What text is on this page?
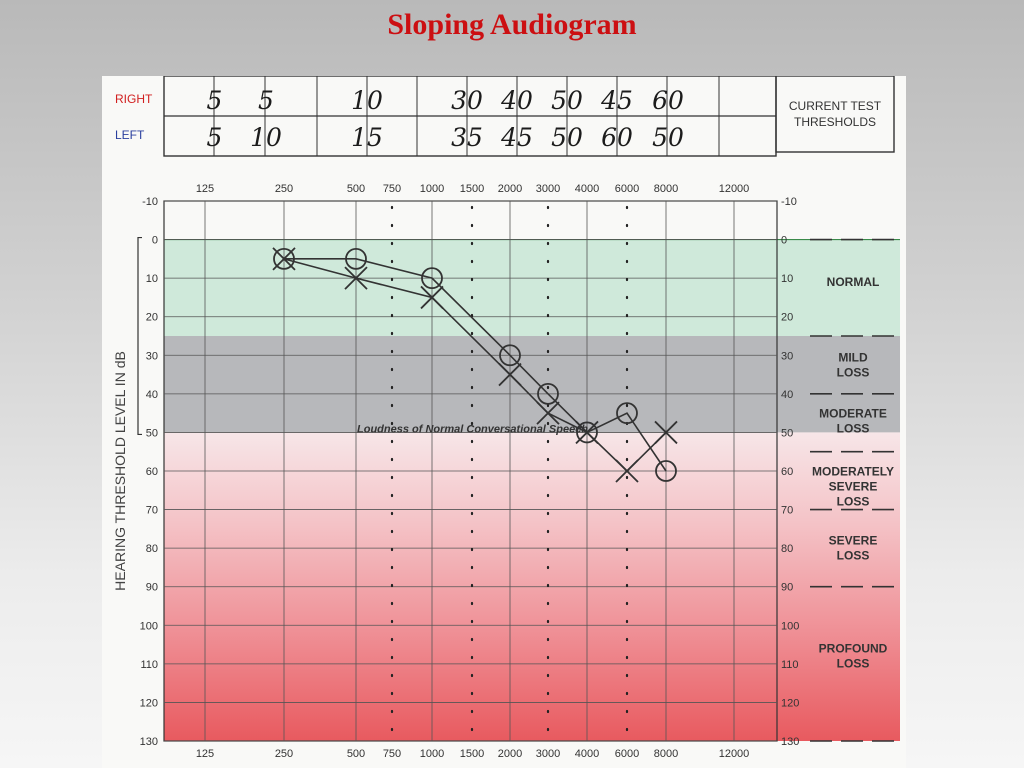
Sloping Audiogram
RIGHT
LEFT
CURRENT TEST
THRESHOLDS
5 5	10	30 40 50 45 60
5 10	15	35 45 50 60 50
125
125
250
250
500
500
750
750
1000
1000
1500
1500
2000
2000
3000
3000
4000
4000
6000
6000
8000
8000
12000
12000
-10
0
10
20
30
40
50
60
70
80
90
100
110
120
130
-10
0
10
20
30
40
50
60
70
80
90
100
110
120
130
HEARING THRESHOLD LEVEL IN dB	Loudness of Normal Conversational Speech
NORMAL
MILD
LOSS
MODERATE
LOSS
MODERATELY
SEVERE
LOSS
SEVERE
LOSS
PROFOUND
LOSS
